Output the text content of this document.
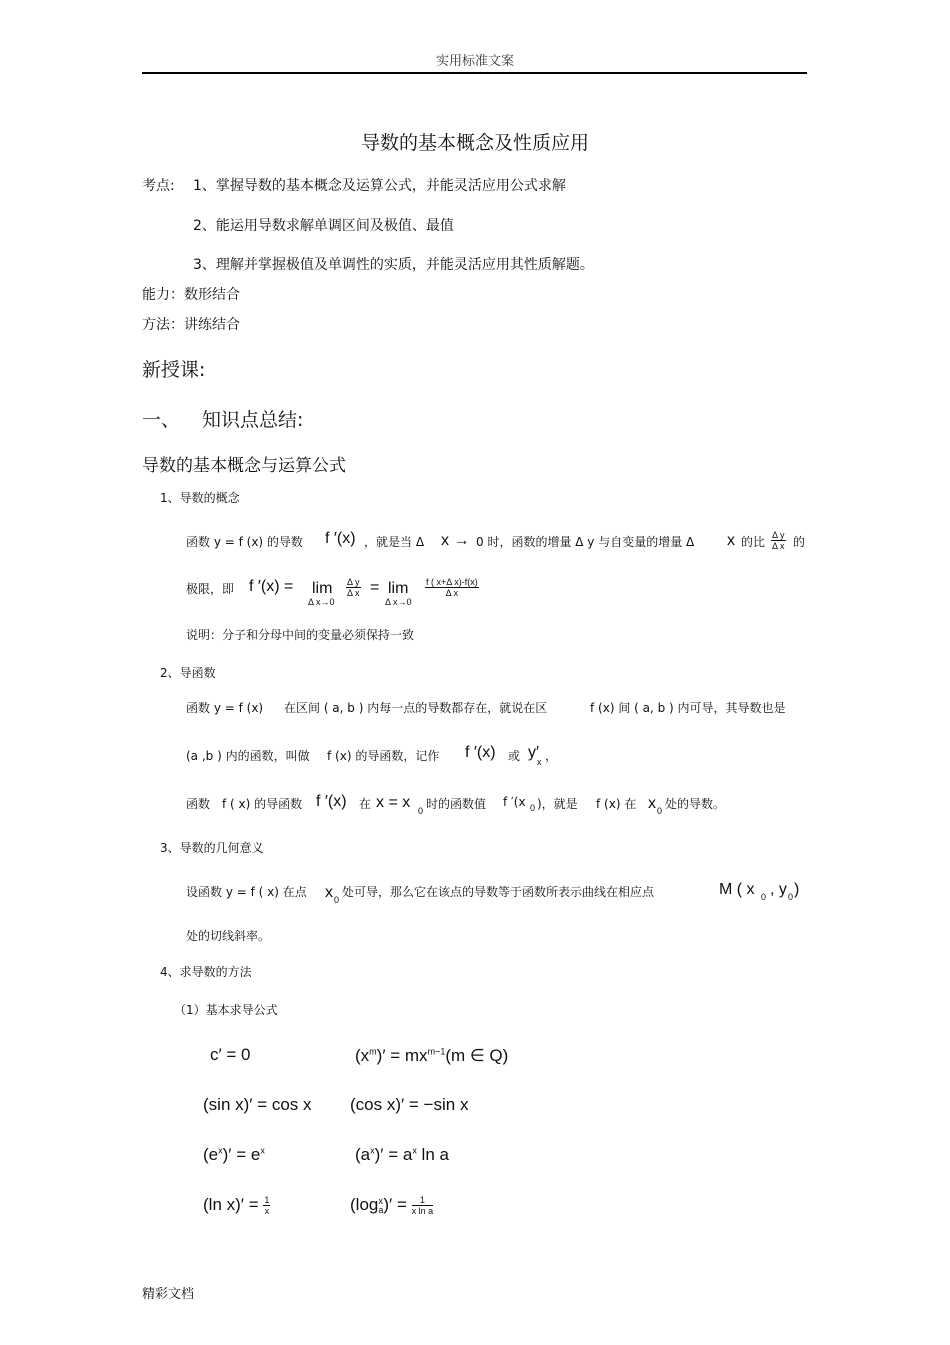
实用标准文案
导数的基本概念及性质应用
考点: 1、掌握导数的基本概念及运算公式，并能灵活应用公式求解
2、能运用导数求解单调区间及极值、最值
3、理解并掌握极值及单调性的实质，并能灵活应用其性质解题。
能力：数形结合
方法：讲练结合
新授课:
一、 知识点总结:
导数的基本概念与运算公式
1、导数的概念
函数 y = f (x) 的导数 f ′(x) ，就是当 Δ x → 0 时，函数的增量 Δ y 与自变量的增量 Δ x 的比 $\frac{\text{Δ y}}{\text{Δ x}}$ 的
极限，即 f ′(x) = lim
Δ x→0
$\frac{\text{Δ y}}{\text{Δ x}} = \lim$
Δ x→0
$\frac{\text{f ( x+Δ x)-f(x)}}{\text{Δ x}}$
说明：分子和分母中间的变量必须保持一致
2、导函数
函数 y = f (x) 在区间 ( a, b ) 内每一点的导数都存在，就说在区	f (x) 间 ( a, b ) 内可导，其导数也是
(a ,b ) 内的函数，叫做 f (x) 的导函数，记作 f ′(x) 或 y′
x ，
函数 f ( x) 的导函数 f ′(x) 在 x = x 0 时的函数值 f ′(x 0 )，就是 f (x) 在 x 0 处的导数。
3、导数的几何意义
设函数 y = f ( x) 在点 x 0
处可导，那么它在该点的导数等于函数所表示曲线在相应点	M ( x 0 , y 0 )
处的切线斜率。
4、求导数的方法
（1）基本求导公式
c′ = 0	$(x^m)' = mx^{m-1}(m$ ∈ Q)
(sin x)′ = cos x (cos x)′ = −sin x
$(e^x)' = e^x$	$(a^x)' = a^x$ ln a
(ln $x)' = \frac{1}{x}$	(log x
a )′ = $\frac{1}{\text{x ln a}}$
精彩文档
